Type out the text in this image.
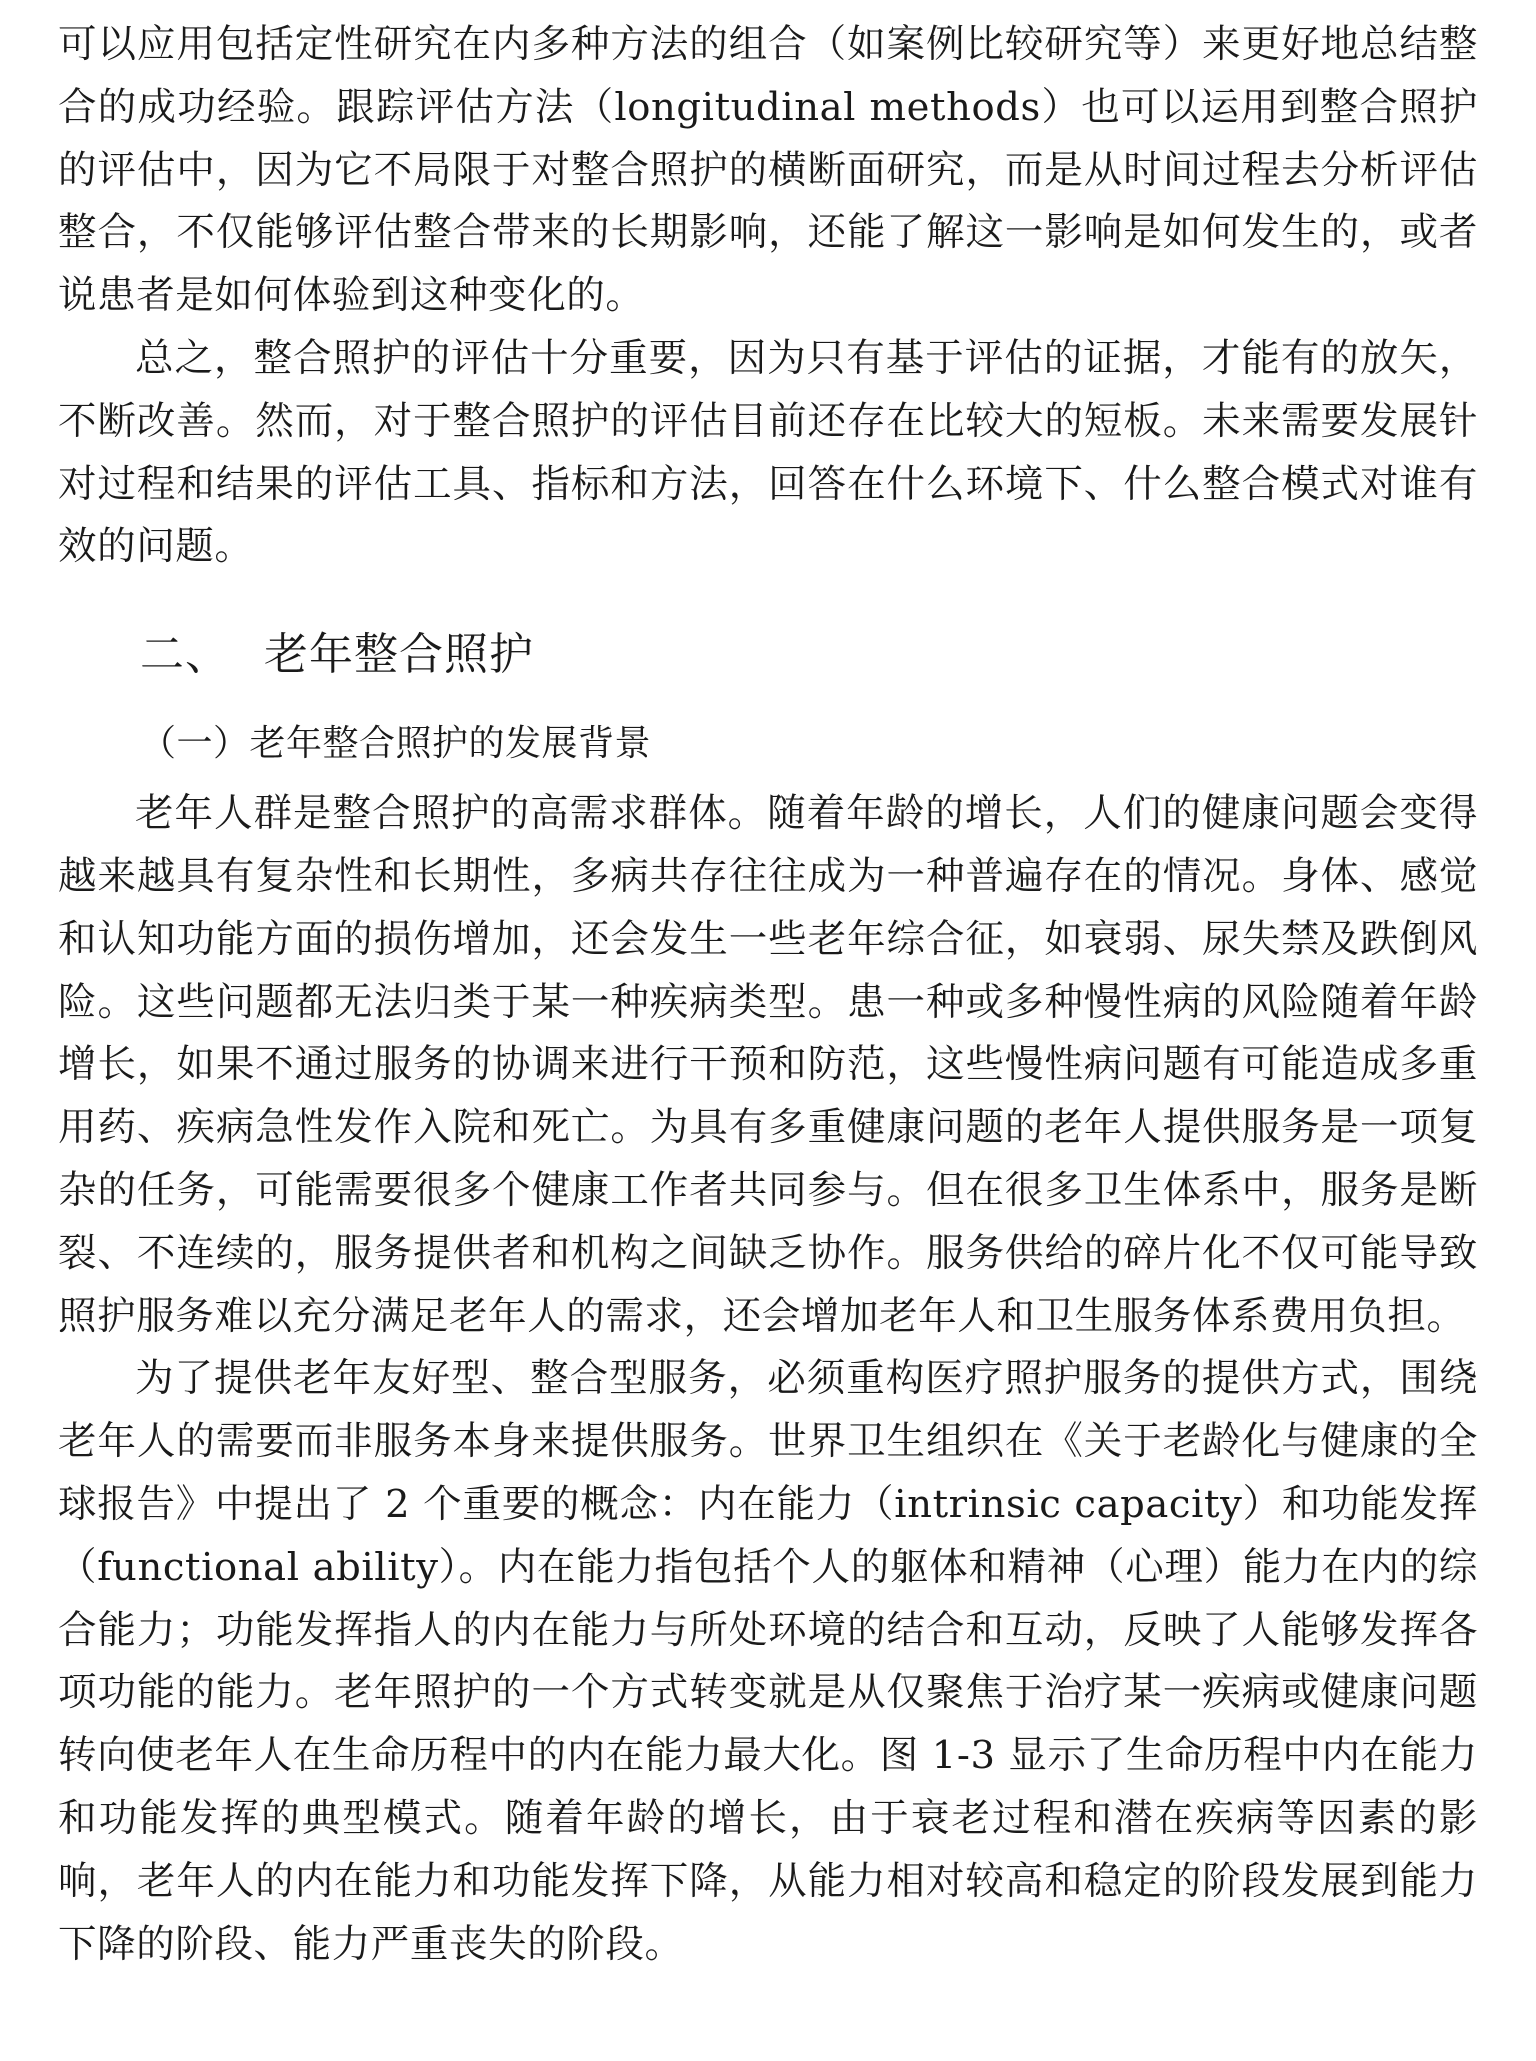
可以应用包括定性研究在内多种方法的组合（如案例比较研究等）来更好地总结整合的成功经验。跟踪评估方法（longitudinal methods）也可以运用到整合照护的评估中，因为它不局限于对整合照护的横断面研究，而是从时间过程去分析评估整合，不仅能够评估整合带来的长期影响，还能了解这一影响是如何发生的，或者说患者是如何体验到这种变化的。

总之，整合照护的评估十分重要，因为只有基于评估的证据，才能有的放矢，不断改善。然而，对于整合照护的评估目前还存在比较大的短板。未来需要发展针对过程和结果的评估工具、指标和方法，回答在什么环境下、什么整合模式对谁有效的问题。

二、 老年整合照护
（一）老年整合照护的发展背景

老年人群是整合照护的高需求群体。随着年龄的增长，人们的健康问题会变得越来越具有复杂性和长期性，多病共存往往成为一种普遍存在的情况。身体、感觉和认知功能方面的损伤增加，还会发生一些老年综合征，如衰弱、尿失禁及跌倒风险。这些问题都无法归类于某一种疾病类型。患一种或多种慢性病的风险随着年龄增长，如果不通过服务的协调来进行干预和防范，这些慢性病问题有可能造成多重用药、疾病急性发作入院和死亡。为具有多重健康问题的老年人提供服务是一项复杂的任务，可能需要很多个健康工作者共同参与。但在很多卫生体系中，服务是断裂、不连续的，服务提供者和机构之间缺乏协作。服务供给的碎片化不仅可能导致照护服务难以充分满足老年人的需求，还会增加老年人和卫生服务体系费用负担。

为了提供老年友好型、整合型服务，必须重构医疗照护服务的提供方式，围绕老年人的需要而非服务本身来提供服务。世界卫生组织在《关于老龄化与健康的全球报告》中提出了 2 个重要的概念：内在能力（intrinsic capacity）和功能发挥（functional ability）。内在能力指包括个人的躯体和精神（心理）能力在内的综合能力；功能发挥指人的内在能力与所处环境的结合和互动，反映了人能够发挥各项功能的能力。老年照护的一个方式转变就是从仅聚焦于治疗某一疾病或健康问题转向使老年人在生命历程中的内在能力最大化。图 1-3 显示了生命历程中内在能力和功能发挥的典型模式。随着年龄的增长，由于衰老过程和潜在疾病等因素的影响，老年人的内在能力和功能发挥下降，从能力相对较高和稳定的阶段发展到能力下降的阶段、能力严重丧失的阶段。
